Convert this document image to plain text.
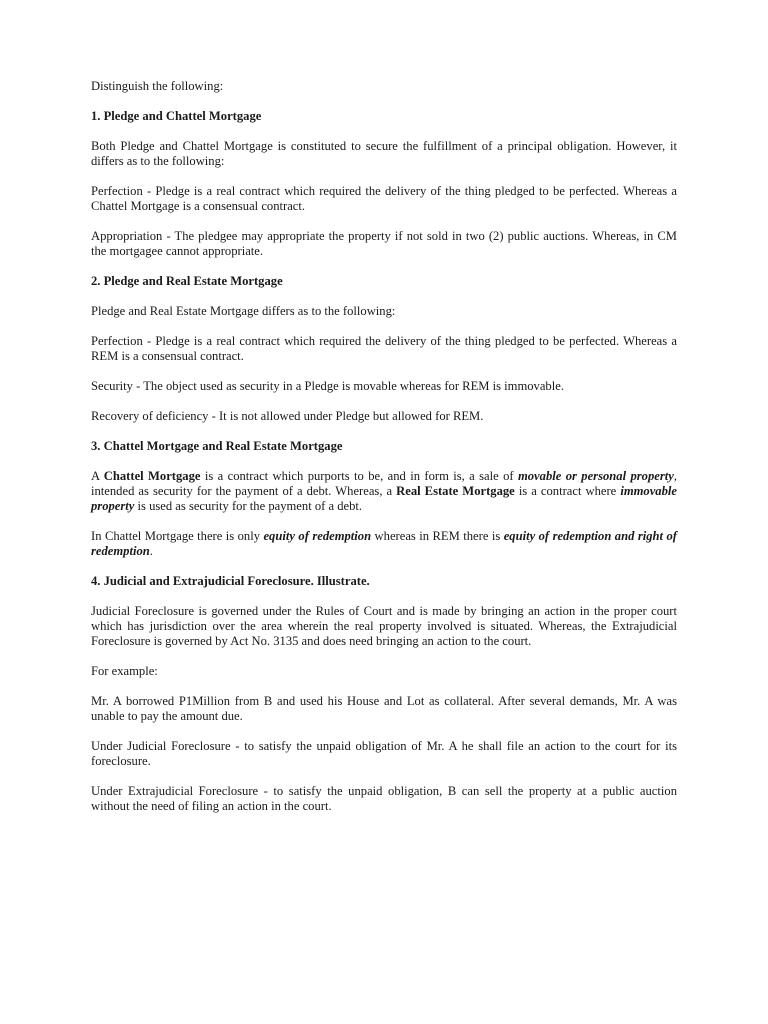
Distinguish the following:

1. Pledge and Chattel Mortgage

Both Pledge and Chattel Mortgage is constituted to secure the fulfillment of a principal obligation. However, it differs as to the following:

Perfection - Pledge is a real contract which required the delivery of the thing pledged to be perfected. Whereas a Chattel Mortgage is a consensual contract.

Appropriation - The pledgee may appropriate the property if not sold in two (2) public auctions. Whereas, in CM the mortgagee cannot appropriate.

2. Pledge and Real Estate Mortgage

Pledge and Real Estate Mortgage differs as to the following:

Perfection - Pledge is a real contract which required the delivery of the thing pledged to be perfected. Whereas a REM is a consensual contract.

Security - The object used as security in a Pledge is movable whereas for REM is immovable.

Recovery of deficiency - It is not allowed under Pledge but allowed for REM.

3. Chattel Mortgage and Real Estate Mortgage

A Chattel Mortgage is a contract which purports to be, and in form is, a sale of movable or personal property, intended as security for the payment of a debt. Whereas, a Real Estate Mortgage is a contract where immovable property is used as security for the payment of a debt.

In Chattel Mortgage there is only equity of redemption whereas in REM there is equity of redemption and right of redemption.

4. Judicial and Extrajudicial Foreclosure. Illustrate.

Judicial Foreclosure is governed under the Rules of Court and is made by bringing an action in the proper court which has jurisdiction over the area wherein the real property involved is situated. Whereas, the Extrajudicial Foreclosure is governed by Act No. 3135 and does need bringing an action to the court.

For example:

Mr. A borrowed P1Million from B and used his House and Lot as collateral. After several demands, Mr. A was unable to pay the amount due.

Under Judicial Foreclosure - to satisfy the unpaid obligation of Mr. A he shall file an action to the court for its foreclosure.

Under Extrajudicial Foreclosure - to satisfy the unpaid obligation, B can sell the property at a public auction without the need of filing an action in the court.
